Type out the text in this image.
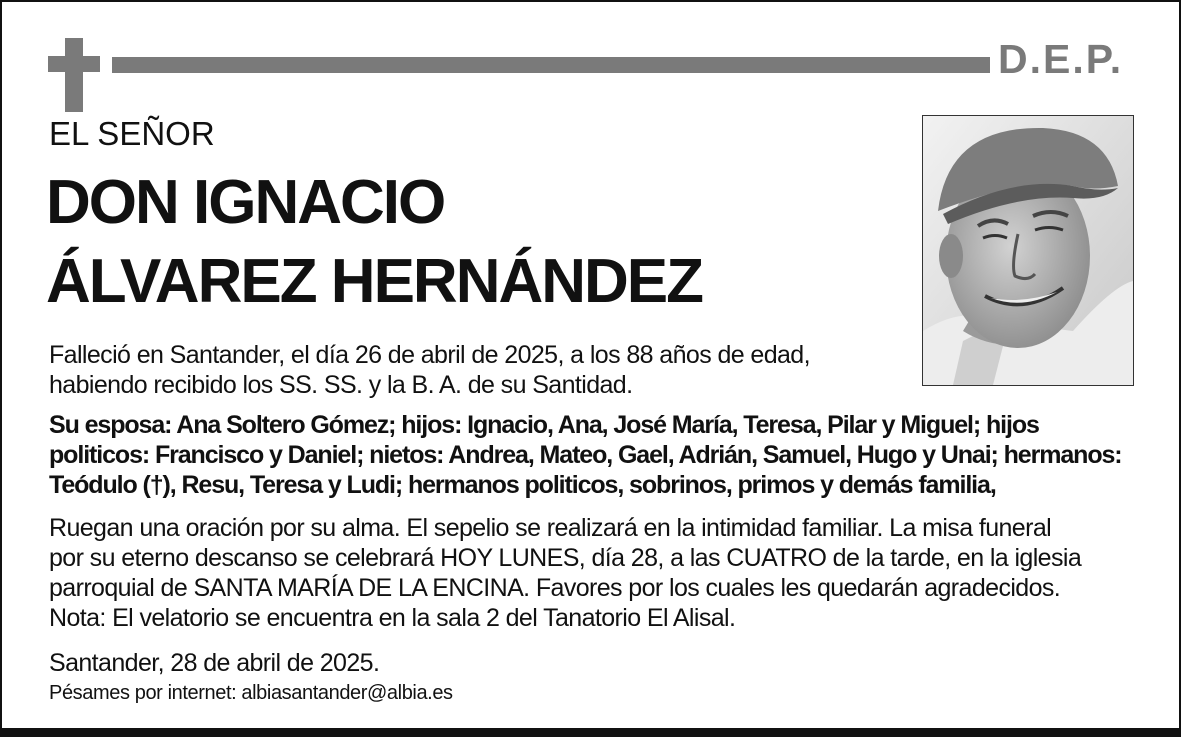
D.E.P.
EL SEÑOR
DON IGNACIO
ÁLVAREZ HERNÁNDEZ
Falleció en Santander, el día 26 de abril de 2025, a los 88 años de edad,
habiendo recibido los SS. SS. y la B. A. de su Santidad.
Su esposa: Ana Soltero Gómez; hijos: Ignacio, Ana, José María, Teresa, Pilar y Miguel; hijos
politicos: Francisco y Daniel; nietos: Andrea, Mateo, Gael, Adrián, Samuel, Hugo y Unai; hermanos:
Teódulo (†), Resu, Teresa y Ludi; hermanos politicos, sobrinos, primos y demás familia,
Ruegan una oración por su alma. El sepelio se realizará en la intimidad familiar. La misa funeral
por su eterno descanso se celebrará HOY LUNES, día 28, a las CUATRO de la tarde, en la iglesia
parroquial de SANTA MARÍA DE LA ENCINA. Favores por los cuales les quedarán agradecidos.
Nota: El velatorio se encuentra en la sala 2 del Tanatorio El Alisal.
Santander, 28 de abril de 2025.
Pésames por internet: albiasantander@albia.es
